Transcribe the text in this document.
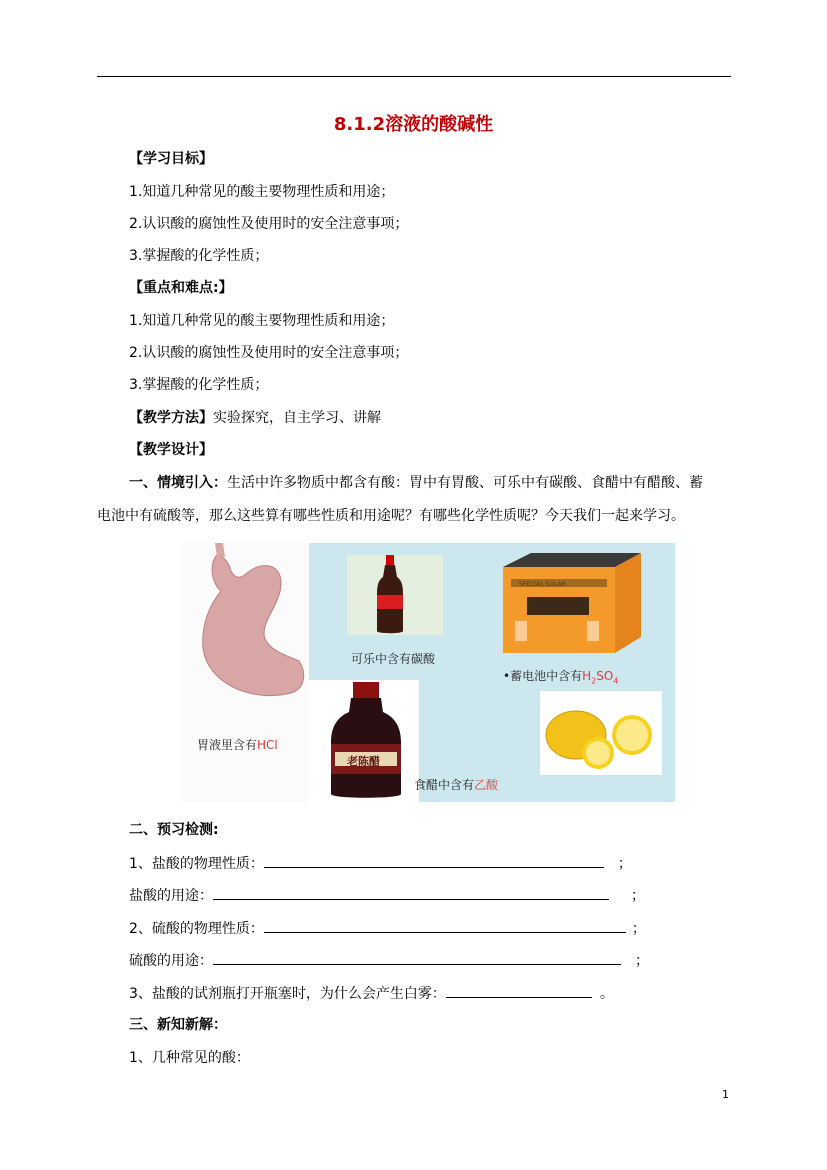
8.1.2溶液的酸碱性
【学习目标】
1.知道几种常见的酸主要物理性质和用途；
2.认识酸的腐蚀性及使用时的安全注意事项；
3.掌握酸的化学性质；
【重点和难点:】
1.知道几种常见的酸主要物理性质和用途；
2.认识酸的腐蚀性及使用时的安全注意事项；
3.掌握酸的化学性质；
【教学方法】实验探究，自主学习、讲解
【教学设计】
一、情境引入：生活中许多物质中都含有酸：胃中有胃酸、可乐中有碳酸、食醋中有醋酸、蓄
电池中有硫酸等，那么这些算有哪些性质和用途呢？有哪些化学性质呢？今天我们一起来学习。
胃液里含有HCl
可乐中含有碳酸
SPECIAL SOLAR
•蓄电池中含有$H_2SO_4$
老陈醋
食醋中含有乙酸
二、预习检测:
1、盐酸的物理性质：	；
盐酸的用途：	；
2、硫酸的物理性质：	；
硫酸的用途：	；
3、盐酸的试剂瓶打开瓶塞时，为什么会产生白雾：	。
三、新知新解：
1、几种常见的酸：
1
